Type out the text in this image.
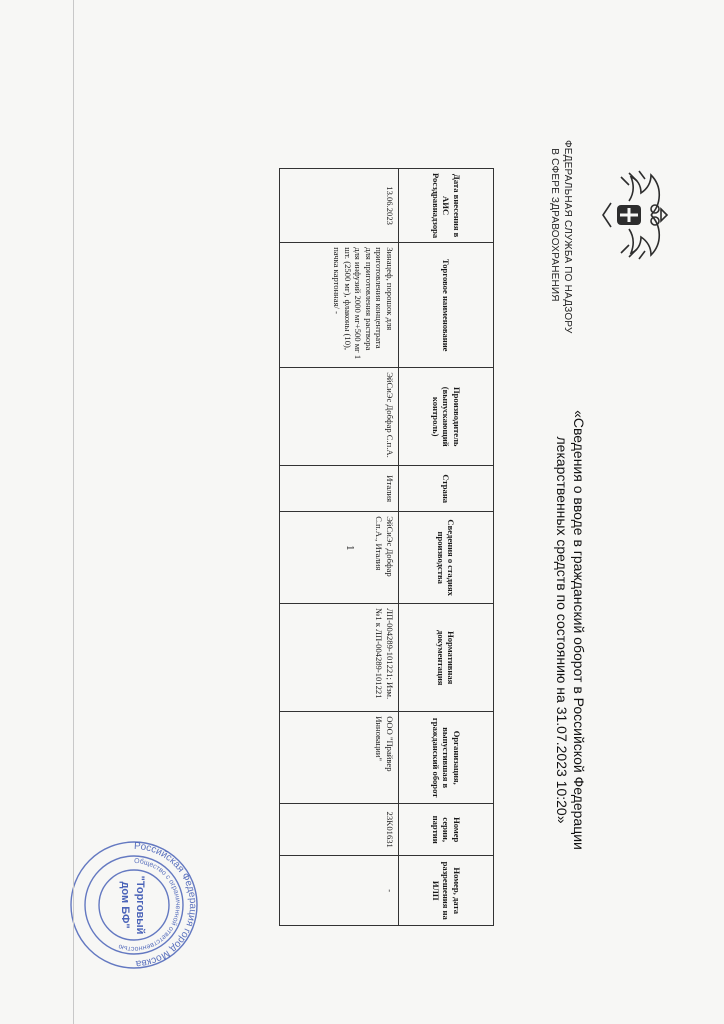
ФЕДЕРАЛЬНАЯ СЛУЖБА ПО НАДЗОРУ
В СФЕРЕ ЗДРАВООХРАНЕНИЯ
«Сведения о вводе в гражданский оборот в Российской Федерации
лекарственных средств по состоянию на 31.07.2023 10:20»
Дата внесения в АИС Росздравнадзора	Торговое наименование	Производитель (выпускающий контроль)	Страна	Сведения о стадиях производства	Нормативная документация	Организация, выпустившая в гражданский оборот	Номер серии, партии	Номер, дата разрешения на ИЛП
13.06.2023	Зинацеф, порошок для приготовления концентрата для приготовления раствора для инфузий 2000 мг+500 мг 1 шт. (2500 мг), флаконы (10), пачка картонная/ -	ЭйСиЭс Добфар С.п.А.	Италия	ЭйСиЭс Добфар С.п.А., Италия	ЛП-004289-101221; Изм. №1 к ЛП-004289-101221	ООО "Прайвер Инновации"	23K01631	-
1
Российская Федерация город Москва
Общество с ограниченной ответственностью
"Торговый
дом БФ"
